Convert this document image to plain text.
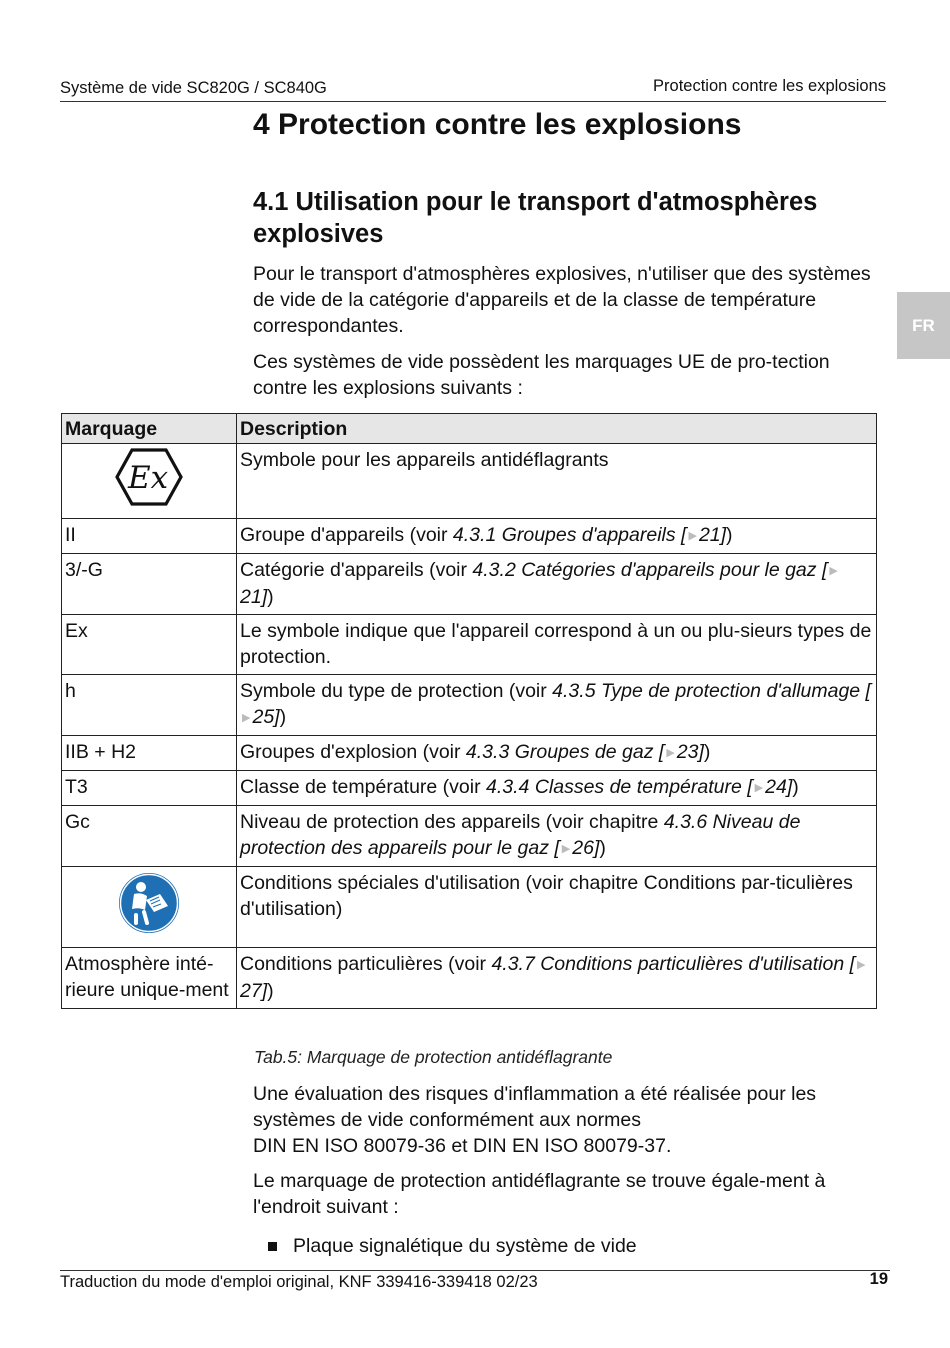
Système de vide SC820G / SC840G	Protection contre les explosions
FR
4 Protection contre les explosions
4.1 Utilisation pour le transport d'atmosphères explosives

Pour le transport d'atmosphères explosives, n'utiliser que des systèmes de vide de la catégorie d'appareils et de la classe de température correspondantes.

Ces systèmes de vide possèdent les marquages UE de pro-tection contre les explosions suivants :

Marquage	Description

Ex	Symbole pour les appareils antidéflagrants
II	Groupe d'appareils (voir 4.3.1 Groupes d'appareils [ ▶ 21])
3/-G	Catégorie d'appareils (voir 4.3.2 Catégories d'appareils pour le gaz [ ▶21])
Ex	Le symbole indique que l'appareil correspond à un ou plu-sieurs types de protection.
h	Symbole du type de protection (voir 4.3.5 Type de protection d'allumage [▶ 25])
IIB + H2	Groupes d'explosion (voir 4.3.3 Groupes de gaz [ ▶ 23])
T3	Classe de température (voir 4.3.4 Classes de température [ ▶ 24])
Gc	Niveau de protection des appareils (voir chapitre 4.3.6 Niveau de protection des appareils pour le gaz [ ▶ 26])
	Conditions spéciales d'utilisation (voir chapitre Conditions par-ticulières d'utilisation)
Atmosphère inté-rieure unique-ment	Conditions particulières (voir 4.3.7 Conditions particulières d'utilisation [ ▶27])
Tab.5: Marquage de protection antidéflagrante

Une évaluation des risques d'inflammation a été réalisée pour les systèmes de vide conformément aux normes
DIN EN ISO 80079-36 et DIN EN ISO 80079-37.

Le marquage de protection antidéflagrante se trouve égale-ment à l'endroit suivant :

Plaque signalétique du système de vide
Traduction du mode d'emploi original, KNF 339416-339418 02/23	19
